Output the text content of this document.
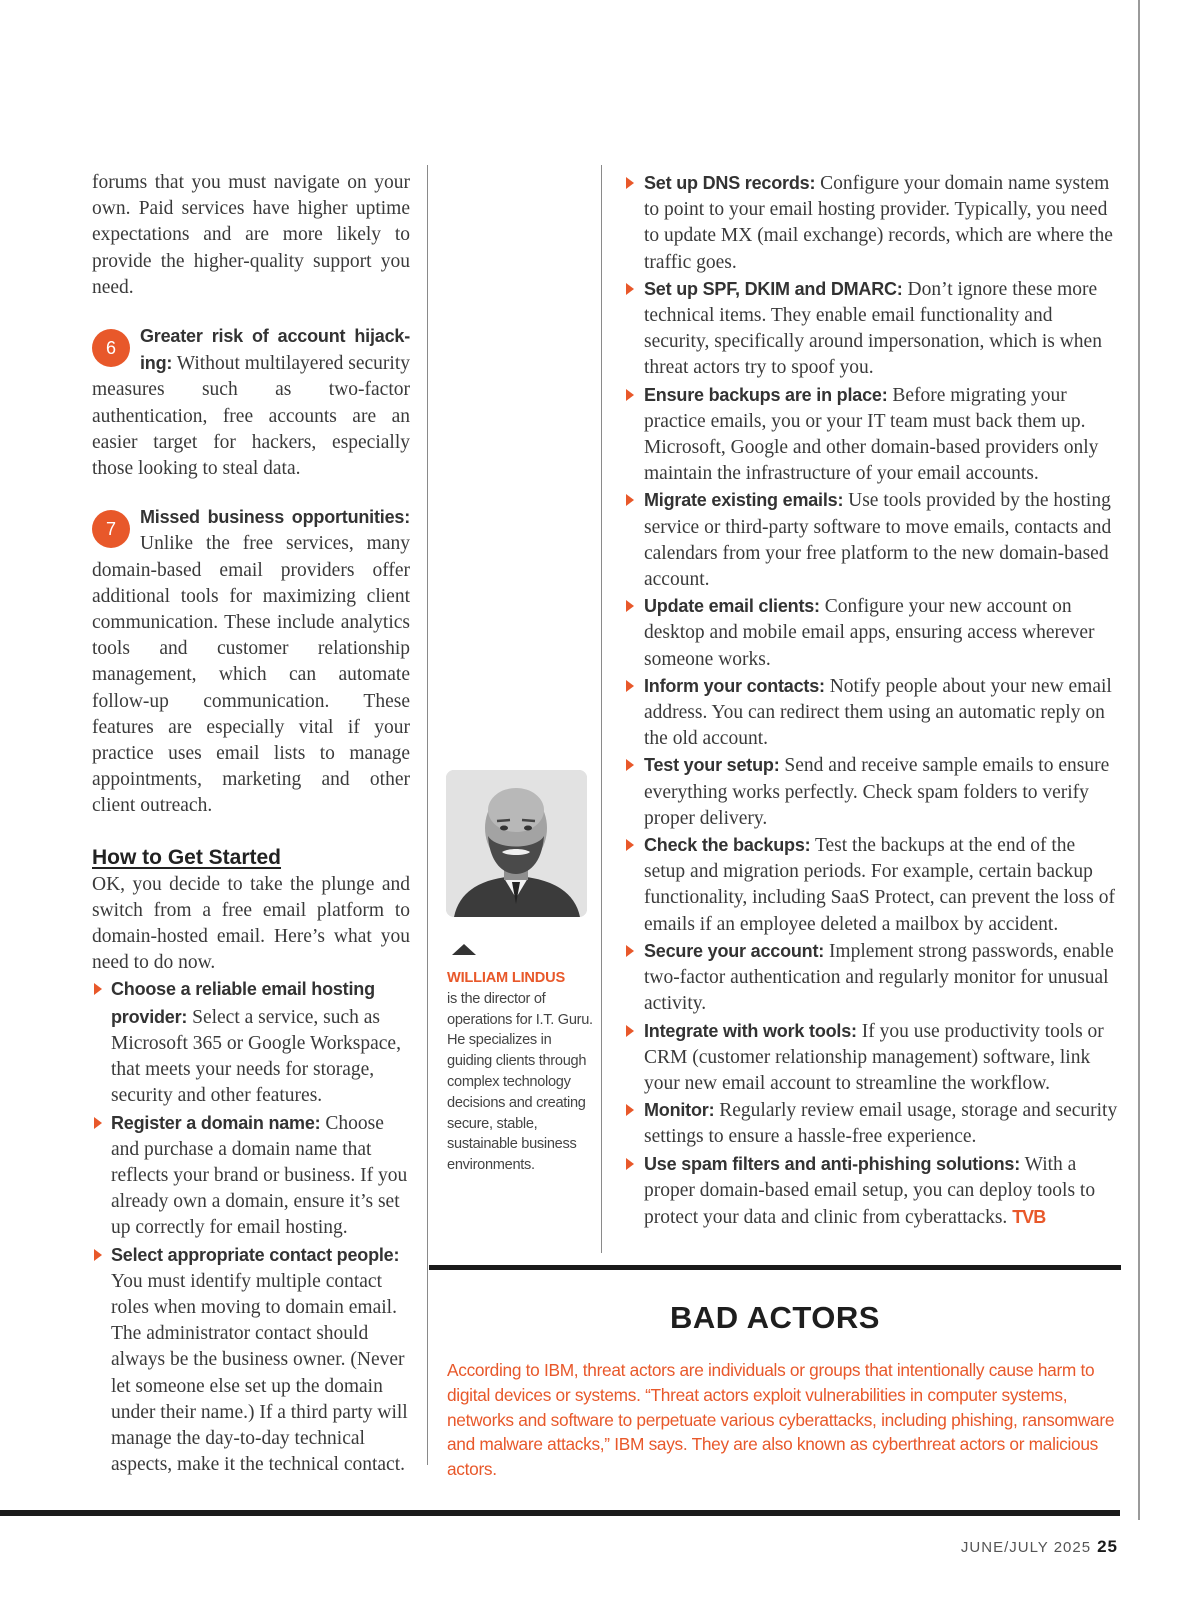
forums that you must navigate on your own. Paid services have higher uptime expectations and are more likely to provide the higher-quality support you need.

6
Greater risk of account hijack-ing: Without multilayered security measures such as two-factor authentication, free accounts are an easier target for hackers, especially those looking to steal data.
7
Missed business opportunities: Unlike the free services, many domain-based email providers offer additional tools for maximizing client communication. These include analytics tools and customer relationship management, which can automate follow-up communication. These features are especially vital if your practice uses email lists to manage appointments, marketing and other client outreach.
How to Get Started

OK, you decide to take the plunge and switch from a free email platform to domain-hosted email. Here’s what you need to do now.

Choose a reliable email hosting provider: Select a service, such as Microsoft 365 or Google Workspace, that meets your needs for storage, security and other features.
Register a domain name: Choose and purchase a domain name that reflects your brand or business. If you already own a domain, ensure it’s set up correctly for email hosting.
Select appropriate contact people: You must identify multiple contact roles when moving to domain email. The administrator contact should always be the business owner. (Never let someone else set up the domain under their name.) If a third party will manage the day-to-day technical aspects, make it the technical contact.
WILLIAM LINDUS
is the director of operations for I.T. Guru. He specializes in guiding clients through complex technology decisions and creating secure, stable, sustainable business environments.
Set up DNS records: Configure your domain name system to point to your email hosting provider. Typically, you need to update MX (mail exchange) records, which are where the traffic goes.
Set up SPF, DKIM and DMARC: Don’t ignore these more technical items. They enable email functionality and security, specifically around impersonation, which is when threat actors try to spoof you.
Ensure backups are in place: Before migrating your practice emails, you or your IT team must back them up. Microsoft, Google and other domain-based providers only maintain the infrastructure of your email accounts.
Migrate existing emails: Use tools provided by the hosting service or third-party software to move emails, contacts and calendars from your free platform to the new domain-based account.
Update email clients: Configure your new account on desktop and mobile email apps, ensuring access wherever someone works.
Inform your contacts: Notify people about your new email address. You can redirect them using an automatic reply on the old account.
Test your setup: Send and receive sample emails to ensure everything works perfectly. Check spam folders to verify proper delivery.
Check the backups: Test the backups at the end of the setup and migration periods. For example, certain backup functionality, including SaaS Protect, can prevent the loss of emails if an employee deleted a mailbox by accident.
Secure your account: Implement strong passwords, enable two-factor authentication and regularly monitor for unusual activity.
Integrate with work tools: If you use productivity tools or CRM (customer relationship management) software, link your new email account to streamline the workflow.
Monitor: Regularly review email usage, storage and security settings to ensure a hassle-free experience.
Use spam filters and anti-phishing solutions: With a proper domain-based email setup, you can deploy tools to protect your data and clinic from cyberattacks. TVB
BAD ACTORS
According to IBM, threat actors are individuals or groups that intentionally cause harm to digital devices or systems. “Threat actors exploit vulnerabilities in computer systems, networks and software to perpetuate various cyberattacks, including phishing, ransomware and malware attacks,” IBM says. They are also known as cyberthreat actors or malicious actors.
JUNE/JULY 2025 25
